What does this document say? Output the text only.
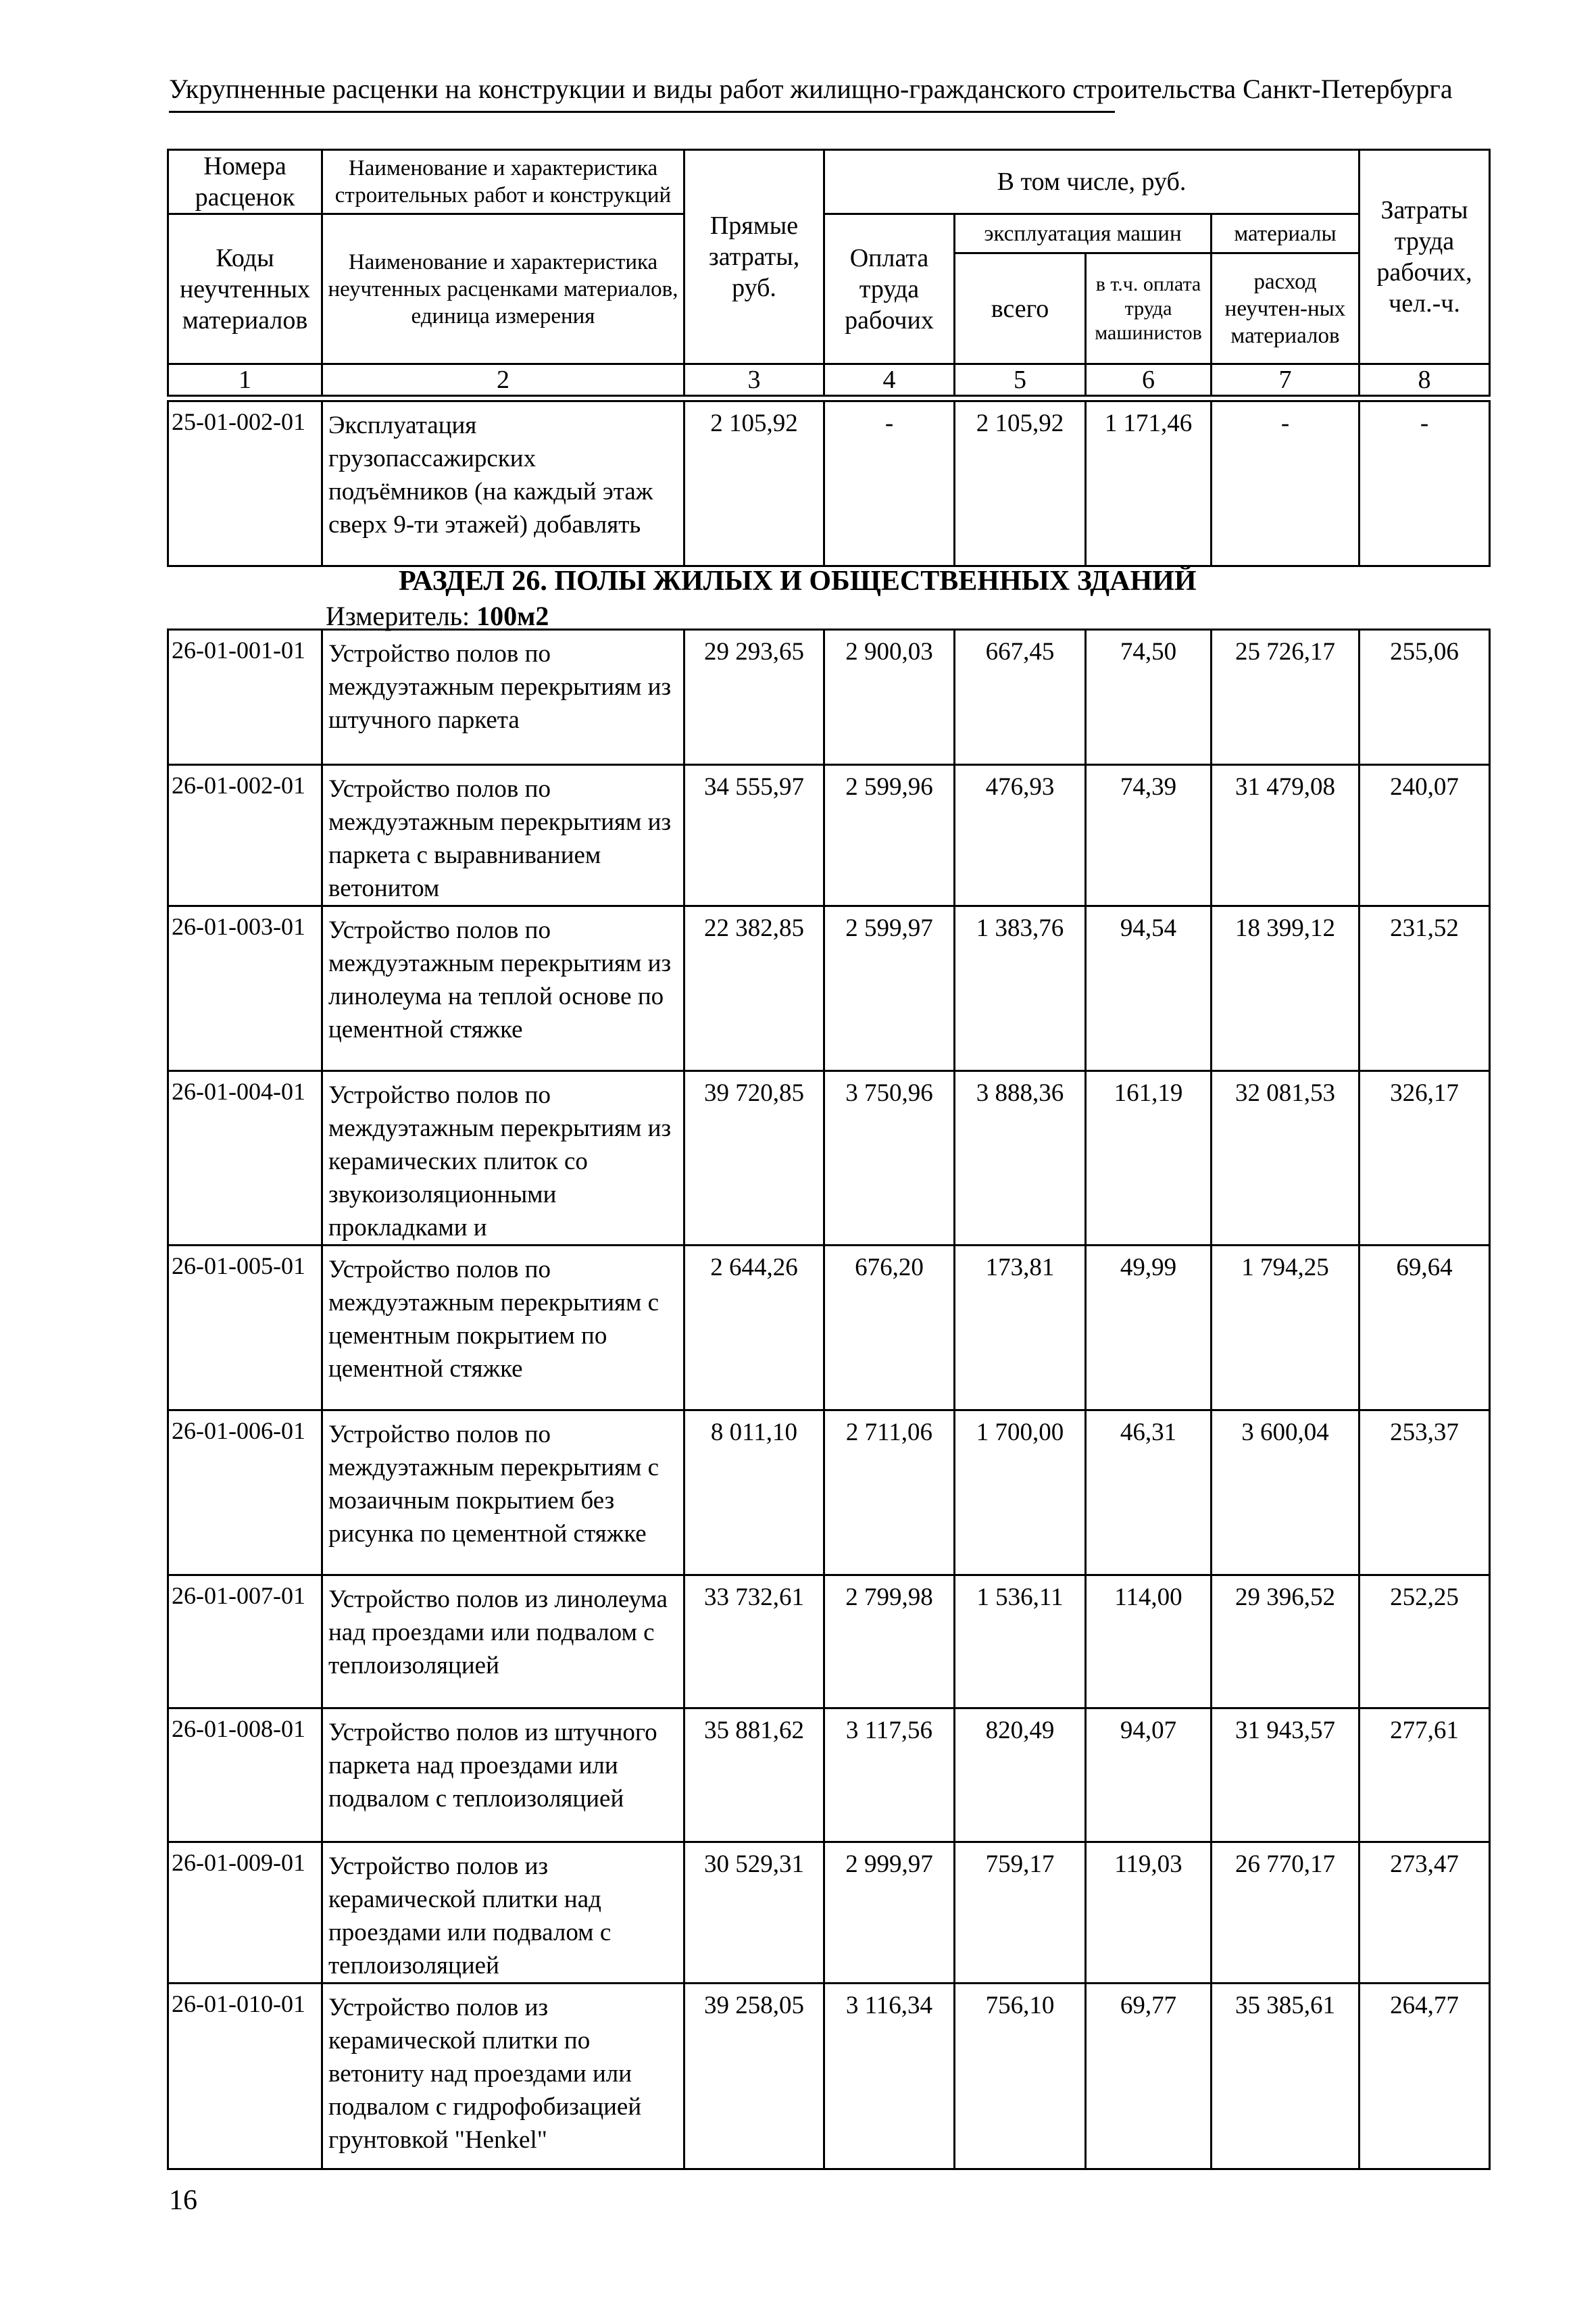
Укрупненные расценки на конструкции и виды работ жилищно-гражданского строительства Санкт-Петербурга
Номера расценок	Наименование и характеристика строительных работ и конструкций	Прямые затраты, руб.	В том числе, руб.				Затраты труда рабочих, чел.-ч.
Коды неучтенных материалов	Наименование и характеристика неучтенных расценками материалов, единица измерения		Оплата труда рабочих	эксплуатация машин		материалы	
				всего	в т.ч. оплата труда машинистов	расход неучтен-ных материалов	
1	2	3	4	5	6	7	8
25-01-002-01	Эксплуатация грузопассажирских подъёмников (на каждый этаж сверх 9-ти этажей) добавлять	2 105,92	-	2 105,92	1 171,46	-	-
РАЗДЕЛ 26. ПОЛЫ ЖИЛЫХ И ОБЩЕСТВЕННЫХ ЗДАНИЙ
Измеритель: 100м2
26-01-001-01	Устройство полов по междуэтажным перекрытиям из штучного паркета	29 293,65	2 900,03	667,45	74,50	25 726,17	255,06
26-01-002-01	Устройство полов по междуэтажным перекрытиям из паркета с выравниванием ветонитом	34 555,97	2 599,96	476,93	74,39	31 479,08	240,07
26-01-003-01	Устройство полов по междуэтажным перекрытиям из линолеума на теплой основе по цементной стяжке	22 382,85	2 599,97	1 383,76	94,54	18 399,12	231,52
26-01-004-01	Устройство полов по междуэтажным перекрытиям из керамических плиток со звукоизоляционными прокладками и	39 720,85	3 750,96	3 888,36	161,19	32 081,53	326,17
26-01-005-01	Устройство полов по междуэтажным перекрытиям с цементным покрытием по цементной стяжке	2 644,26	676,20	173,81	49,99	1 794,25	69,64
26-01-006-01	Устройство полов по междуэтажным перекрытиям с мозаичным покрытием без рисунка по цементной стяжке	8 011,10	2 711,06	1 700,00	46,31	3 600,04	253,37
26-01-007-01	Устройство полов из линолеума над проездами или подвалом с теплоизоляцией	33 732,61	2 799,98	1 536,11	114,00	29 396,52	252,25
26-01-008-01	Устройство полов из штучного паркета над проездами или подвалом с теплоизоляцией	35 881,62	3 117,56	820,49	94,07	31 943,57	277,61
26-01-009-01	Устройство полов из керамической плитки над проездами или подвалом с теплоизоляцией	30 529,31	2 999,97	759,17	119,03	26 770,17	273,47
26-01-010-01	Устройство полов из керамической плитки по ветониту над проездами или подвалом с гидрофобизацией грунтовкой "Henkel"	39 258,05	3 116,34	756,10	69,77	35 385,61	264,77
16
